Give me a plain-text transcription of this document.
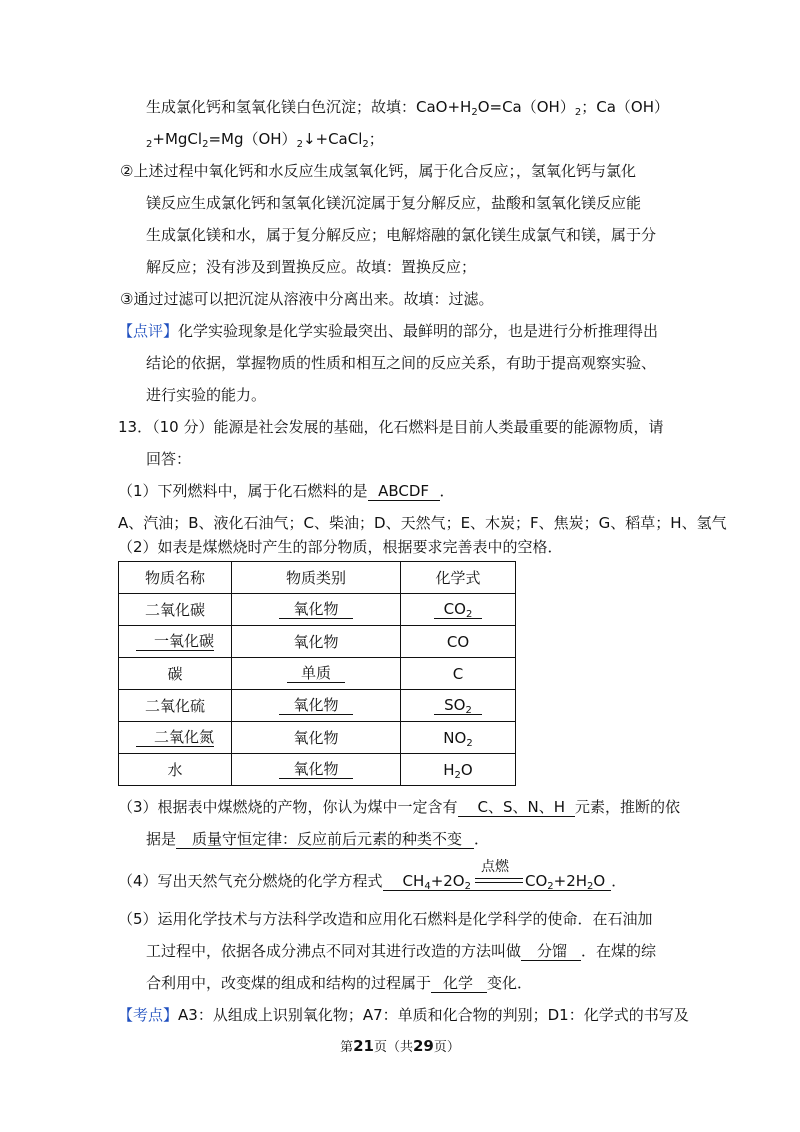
生成氯化钙和氢氧化镁白色沉淀；故填：$CaO+H_2O=Ca(OH)_2$；Ca（OH）
$_2+MgCl_2=Mg(OH)_2↓+CaCl_2$；
②上述过程中氧化钙和水反应生成氢氧化钙，属于化合反应；，氢氧化钙与氯化
镁反应生成氯化钙和氢氧化镁沉淀属于复分解反应，盐酸和氢氧化镁反应能
生成氯化镁和水，属于复分解反应；电解熔融的氯化镁生成氯气和镁，属于分
解反应；没有涉及到置换反应。故填：置换反应；
③通过过滤可以把沉淀从溶液中分离出来。故填：过滤。
【点评】化学实验现象是化学实验最突出、最鲜明的部分，也是进行分析推理得出
结论的依据，掌握物质的性质和相互之间的反应关系，有助于提高观察实验、
进行实验的能力。
13．（10 分）能源是社会发展的基础，化石燃料是目前人类最重要的能源物质，请
回答：
（1）下列燃料中，属于化石燃料的是 ABCDF ．
A、汽油；B、液化石油气；C、柴油；D、天然气；E、木炭；F、焦炭；G、稻草；H、氢气
（2）如表是煤燃烧时产生的部分物质，根据要求完善表中的空格．
物质名称	物质类别	化学式
二氧化碳	氧化物	$CO_2$
一氧化碳	氧化物	CO
碳	单质	C
二氧化硫	氧化物	$SO_2$
二氧化氮	氧化物	$NO_2$
水	氧化物	$H_2O$
（3）根据表中煤燃烧的产物，你认为煤中一定含有 C、S、N、H 元素，推断的依
据是 质量守恒定律：反应前后元素的种类不变 ．
（4）写出天然气充分燃烧的化学方程式 $CH_4+2O_2$
点燃
$CO_2+2H_2O$ ．
（5）运用化学技术与方法科学改造和应用化石燃料是化学科学的使命．在石油加
工过程中，依据各成分沸点不同对其进行改造的方法叫做 分馏 ．在煤的综
合利用中，改变煤的组成和结构的过程属于 化学 变化．
【考点】A3：从组成上识别氧化物；A7：单质和化合物的判别；D1：化学式的书写及
第21页（共29页）
